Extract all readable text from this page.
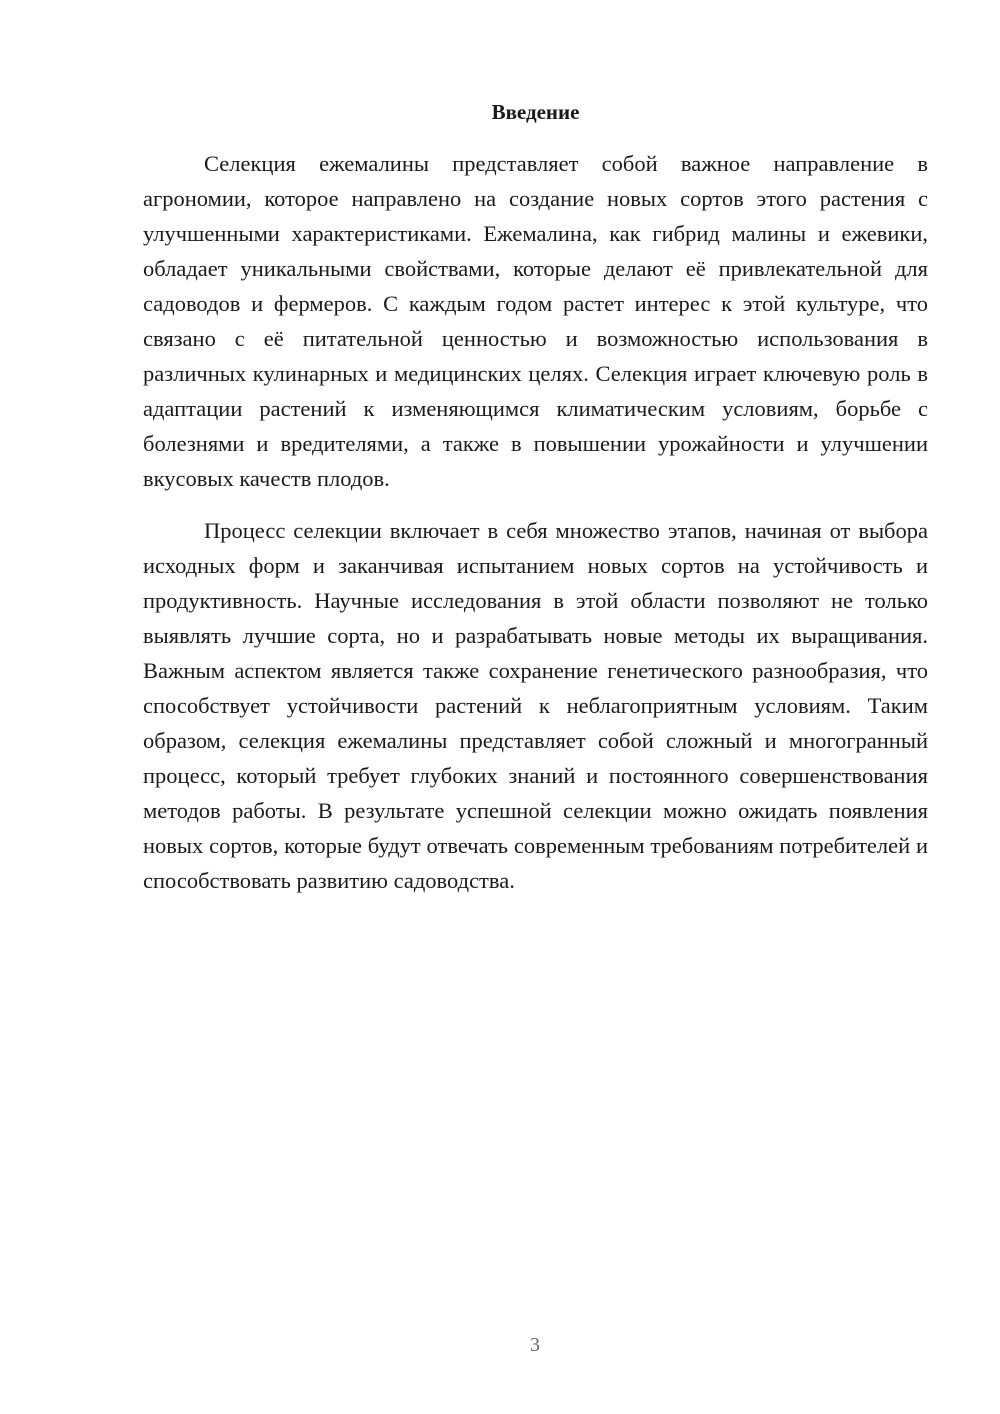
Введение

Селекция ежемалины представляет собой важное направление в агрономии, которое направлено на создание новых сортов этого растения с улучшенными характеристиками. Ежемалина, как гибрид малины и ежевики, обладает уникальными свойствами, которые делают её привлекательной для садоводов и фермеров. С каждым годом растет интерес к этой культуре, что связано с её питательной ценностью и возможностью использования в различных кулинарных и медицинских целях. Селекция играет ключевую роль в адаптации растений к изменяющимся климатическим условиям, борьбе с болезнями и вредителями, а также в повышении урожайности и улучшении вкусовых качеств плодов.

Процесс селекции включает в себя множество этапов, начиная от выбора исходных форм и заканчивая испытанием новых сортов на устойчивость и продуктивность. Научные исследования в этой области позволяют не только выявлять лучшие сорта, но и разрабатывать новые методы их выращивания. Важным аспектом является также сохранение генетического разнообразия, что способствует устойчивости растений к неблагоприятным условиям. Таким образом, селекция ежемалины представляет собой сложный и многогранный процесс, который требует глубоких знаний и постоянного совершенствования методов работы. В результате успешной селекции можно ожидать появления новых сортов, которые будут отвечать современным требованиям потребителей и способствовать развитию садоводства.

3
